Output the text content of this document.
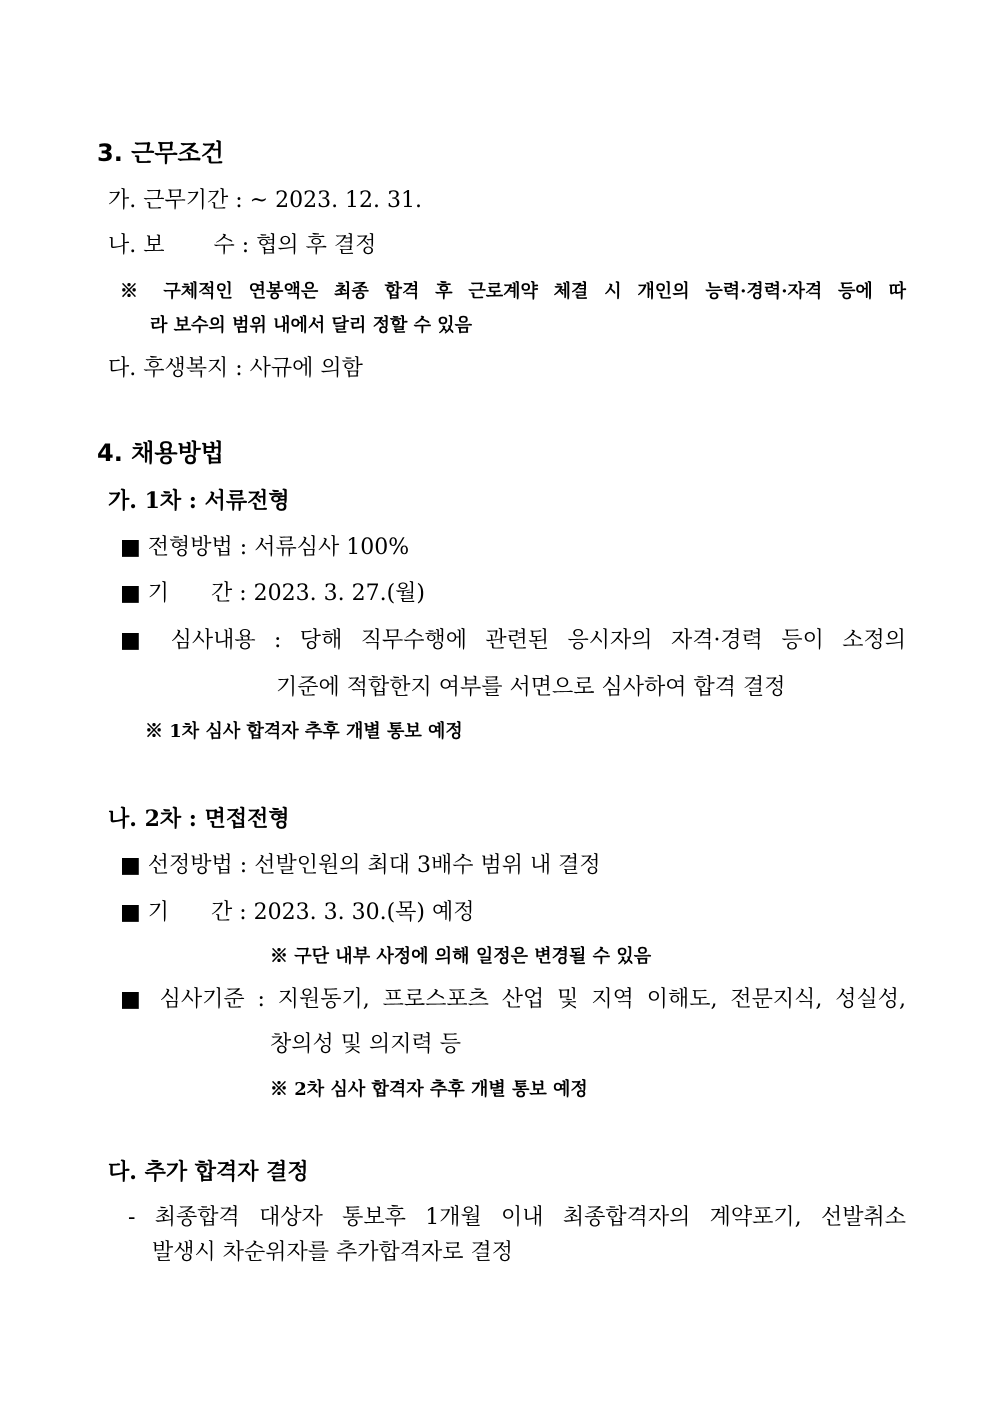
3. 근무조건
가. 근무기간 : ~ 2023. 12. 31.
나. 보       수 : 협의 후 결정
※ 구체적인 연봉액은 최종 합격 후 근로계약 체결 시 개인의 능력·경력·자격 등에 따
라 보수의 범위 내에서 달리 정할 수 있음
다. 후생복지 : 사규에 의함
4. 채용방법
가. 1차 : 서류전형
■ 전형방법 : 서류심사 100%
■ 기      간 : 2023. 3. 27.(월)
■ 심사내용 : 당해 직무수행에 관련된 응시자의 자격·경력 등이 소정의
기준에 적합한지 여부를 서면으로 심사하여 합격 결정
※ 1차 심사 합격자 추후 개별 통보 예정
나. 2차 : 면접전형
■ 선정방법 : 선발인원의 최대 3배수 범위 내 결정
■ 기      간 : 2023. 3. 30.(목) 예정
※ 구단 내부 사정에 의해 일정은 변경될 수 있음
■ 심사기준 : 지원동기, 프로스포츠 산업 및 지역 이해도, 전문지식, 성실성,
창의성 및 의지력 등
※ 2차 심사 합격자 추후 개별 통보 예정
다. 추가 합격자 결정
- 최종합격 대상자 통보후 1개월 이내 최종합격자의 계약포기, 선발취소
발생시 차순위자를 추가합격자로 결정
